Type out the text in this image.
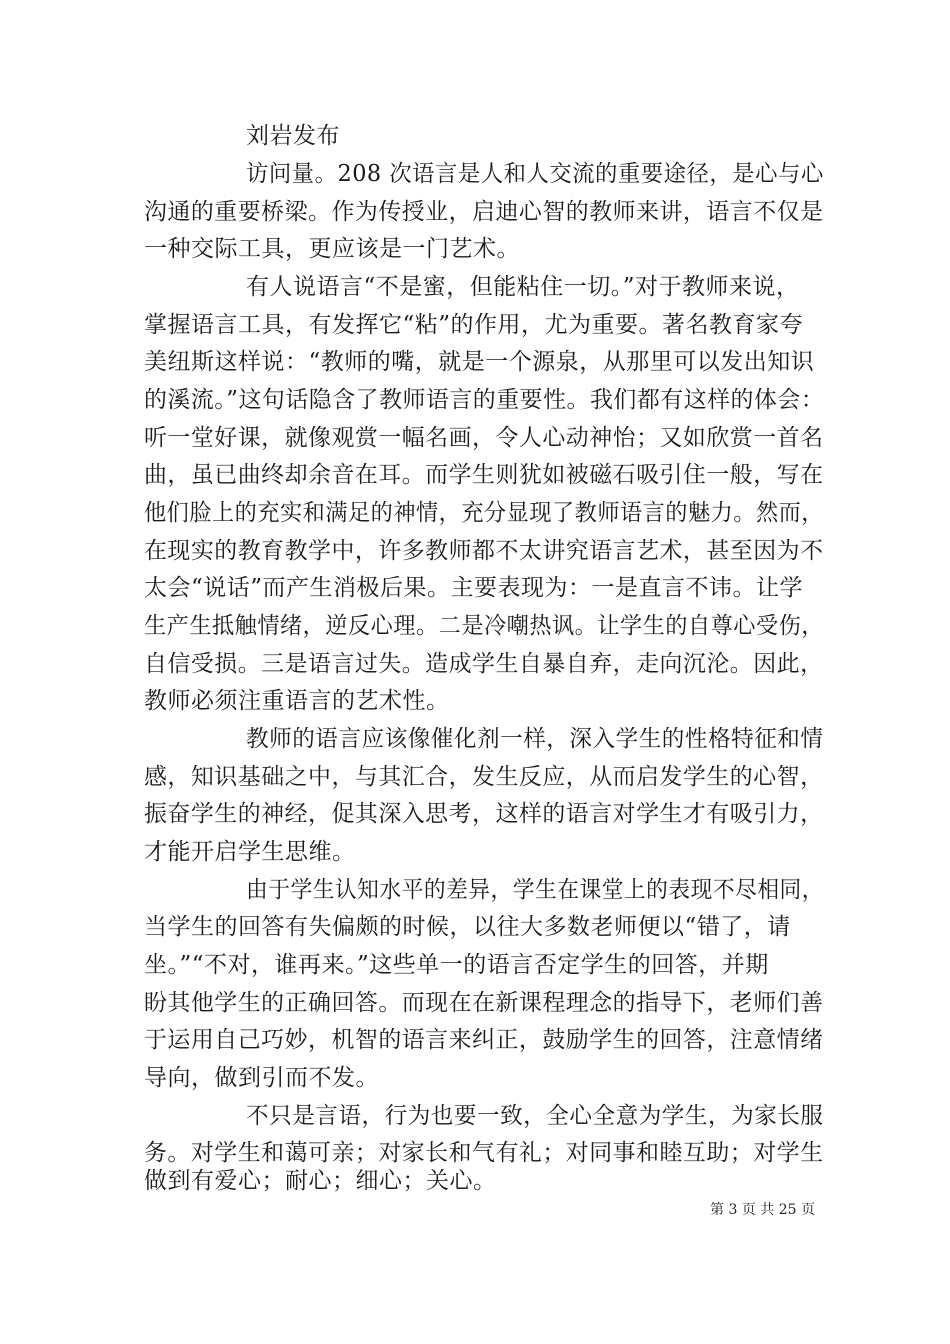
刘岩发布
访问量。208 次语言是人和人交流的重要途径，是心与心
沟通的重要桥梁。作为传授业，启迪心智的教师来讲，语言不仅是
一种交际工具，更应该是一门艺术。
有人说语言“不是蜜，但能粘住一切。”对于教师来说，
掌握语言工具，有发挥它“粘”的作用，尤为重要。著名教育家夸
美纽斯这样说：“教师的嘴，就是一个源泉，从那里可以发出知识
的溪流。”这句话隐含了教师语言的重要性。我们都有这样的体会：
听一堂好课，就像观赏一幅名画，令人心动神怡；又如欣赏一首名
曲，虽已曲终却余音在耳。而学生则犹如被磁石吸引住一般，写在
他们脸上的充实和满足的神情，充分显现了教师语言的魅力。然而，
在现实的教育教学中，许多教师都不太讲究语言艺术，甚至因为不
太会“说话”而产生消极后果。主要表现为：一是直言不讳。让学
生产生抵触情绪，逆反心理。二是冷嘲热讽。让学生的自尊心受伤，
自信受损。三是语言过失。造成学生自暴自弃，走向沉沦。因此，
教师必须注重语言的艺术性。
教师的语言应该像催化剂一样，深入学生的性格特征和情
感，知识基础之中，与其汇合，发生反应，从而启发学生的心智，
振奋学生的神经，促其深入思考，这样的语言对学生才有吸引力，
才能开启学生思维。
由于学生认知水平的差异，学生在课堂上的表现不尽相同，
当学生的回答有失偏颇的时候，以往大多数老师便以“错了，请
坐。”“不对，谁再来。”这些单一的语言否定学生的回答，并期
盼其他学生的正确回答。而现在在新课程理念的指导下，老师们善
于运用自己巧妙，机智的语言来纠正，鼓励学生的回答，注意情绪
导向，做到引而不发。
不只是言语，行为也要一致，全心全意为学生，为家长服
务。对学生和蔼可亲；对家长和气有礼；对同事和睦互助；对学生
做到有爱心；耐心；细心；关心。
第 3 页 共 25 页
